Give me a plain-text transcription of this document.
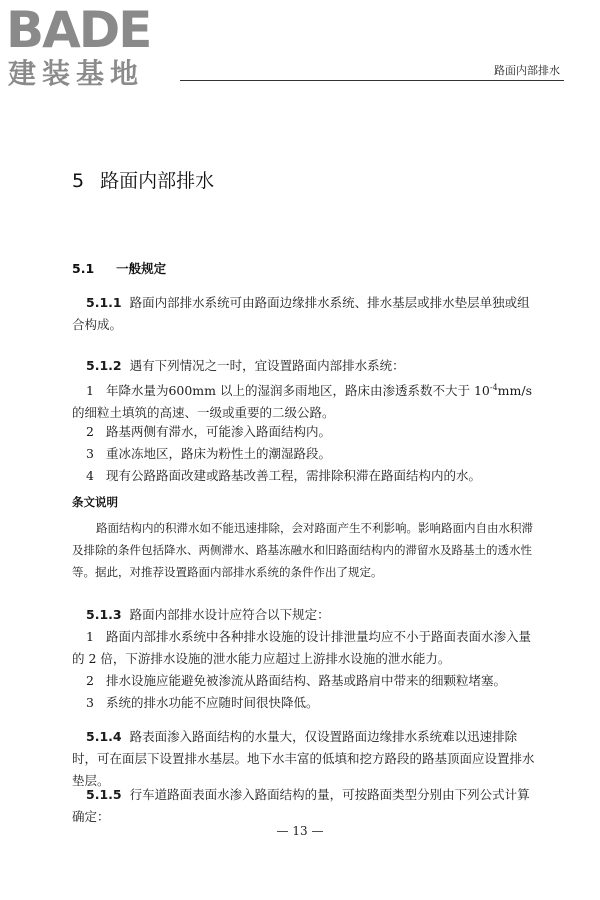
BADE
建装基地	路面内部排水
5 路面内部排水
5.1 一般规定

5.1.1 路面内部排水系统可由路面边缘排水系统、排水基层或排水垫层单独或组合构成。

5.1.2 遇有下列情况之一时，宜设置路面内部排水系统：

1 年降水量为600mm 以上的湿润多雨地区，路床由渗透系数不大于 $10^{-4}mm/s$ 的细粒土填筑的高速、一级或重要的二级公路。

2 路基两侧有滞水，可能渗入路面结构内。

3 重冰冻地区，路床为粉性土的潮湿路段。

4 现有公路路面改建或路基改善工程，需排除积滞在路面结构内的水。

条文说明

路面结构内的积滞水如不能迅速排除，会对路面产生不利影响。影响路面内自由水积滞及排除的条件包括降水、两侧滞水、路基冻融水和旧路面结构内的滞留水及路基土的透水性等。据此，对推荐设置路面内部排水系统的条件作出了规定。

5.1.3 路面内部排水设计应符合以下规定：

1 路面内部排水系统中各种排水设施的设计排泄量均应不小于路面表面水渗入量的 2 倍，下游排水设施的泄水能力应超过上游排水设施的泄水能力。

2 排水设施应能避免被渗流从路面结构、路基或路肩中带来的细颗粒堵塞。

3 系统的排水功能不应随时间很快降低。

5.1.4 路表面渗入路面结构的水量大，仅设置路面边缘排水系统难以迅速排除时，可在面层下设置排水基层。地下水丰富的低填和挖方路段的路基顶面应设置排水垫层。

5.1.5 行车道路面表面水渗入路面结构的量，可按路面类型分别由下列公式计算确定：

— 13 —
